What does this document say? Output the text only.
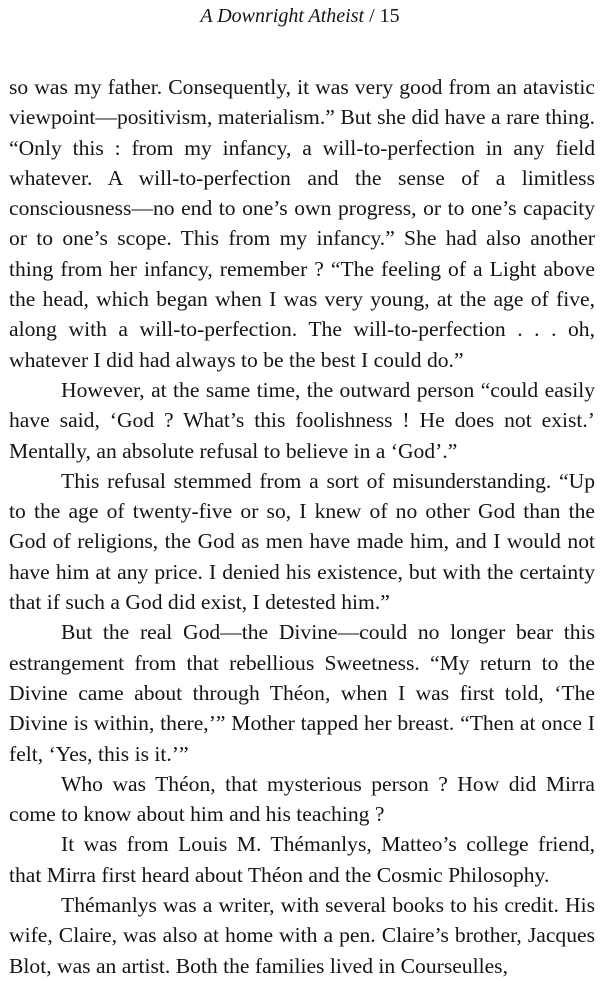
A Downright Atheist / 15

so was my father. Consequently, it was very good from an atavistic viewpoint—positivism, materialism.” But she did have a rare thing. “Only this : from my infancy, a will-to-perfection in any field whatever. A will-to-perfection and the sense of a limitless consciousness—no end to one’s own progress, or to one’s capacity or to one’s scope. This from my infancy.” She had also another thing from her infancy, remember ? “The feeling of a Light above the head, which began when I was very young, at the age of five, along with a will-to-perfection. The will-to-perfection . . . oh, whatever I did had always to be the best I could do.”

However, at the same time, the outward person “could easily have said, ‘God ? What’s this foolishness ! He does not exist.’ Mentally, an absolute refusal to believe in a ‘God’.”

This refusal stemmed from a sort of misunderstanding. “Up to the age of twenty-five or so, I knew of no other God than the God of religions, the God as men have made him, and I would not have him at any price. I denied his existence, but with the certainty that if such a God did exist, I detested him.”

But the real God—the Divine—could no longer bear this estrangement from that rebellious Sweetness. “My return to the Divine came about through Théon, when I was first told, ‘The Divine is within, there,’” Mother tapped her breast. “Then at once I felt, ‘Yes, this is it.’”

Who was Théon, that mysterious person ? How did Mirra come to know about him and his teaching ?

It was from Louis M. Thémanlys, Matteo’s college friend, that Mirra first heard about Théon and the Cosmic Philosophy.

Thémanlys was a writer, with several books to his credit. His wife, Claire, was also at home with a pen. Claire’s brother, Jacques Blot, was an artist. Both the families lived in Courseulles,
